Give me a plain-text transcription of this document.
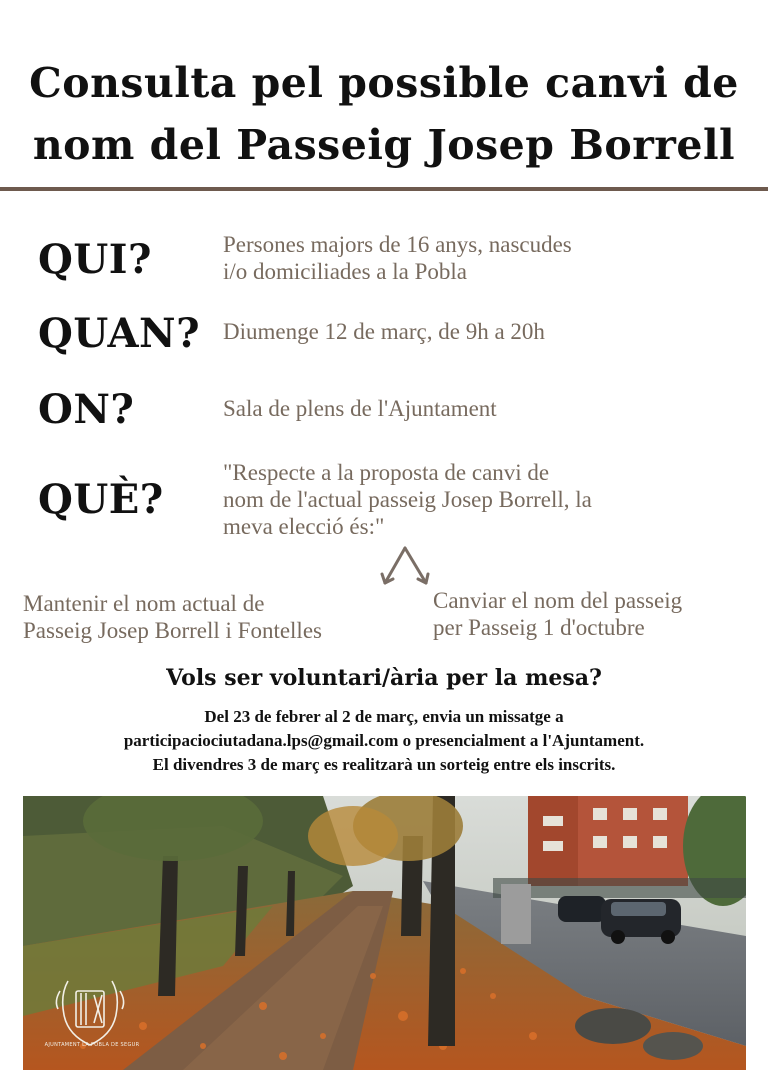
Consulta pel possible canvi de
nom del Passeig Josep Borrell
QUI?	Persones majors de 16 anys, nascudes
i/o domiciliades a la Pobla
QUAN? Diumenge 12 de març, de 9h a 20h
ON?	Sala de plens de l'Ajuntament
QUÈ?
"Respecte a la proposta de canvi de
nom de l'actual passeig Josep Borrell, la
meva elecció és:"
Mantenir el nom actual de
Passeig Josep Borrell i Fontelles
Canviar el nom del passeig
per Passeig 1 d'octubre
Vols ser voluntari/ària per la mesa?
Del 23 de febrer al 2 de març, envia un missatge a
participaciociutadana.lps@gmail.com o presencialment a l'Ajuntament.
El divendres 3 de març es realitzarà un sorteig entre els inscrits.
AJUNTAMENT LA POBLA DE SEGUR
